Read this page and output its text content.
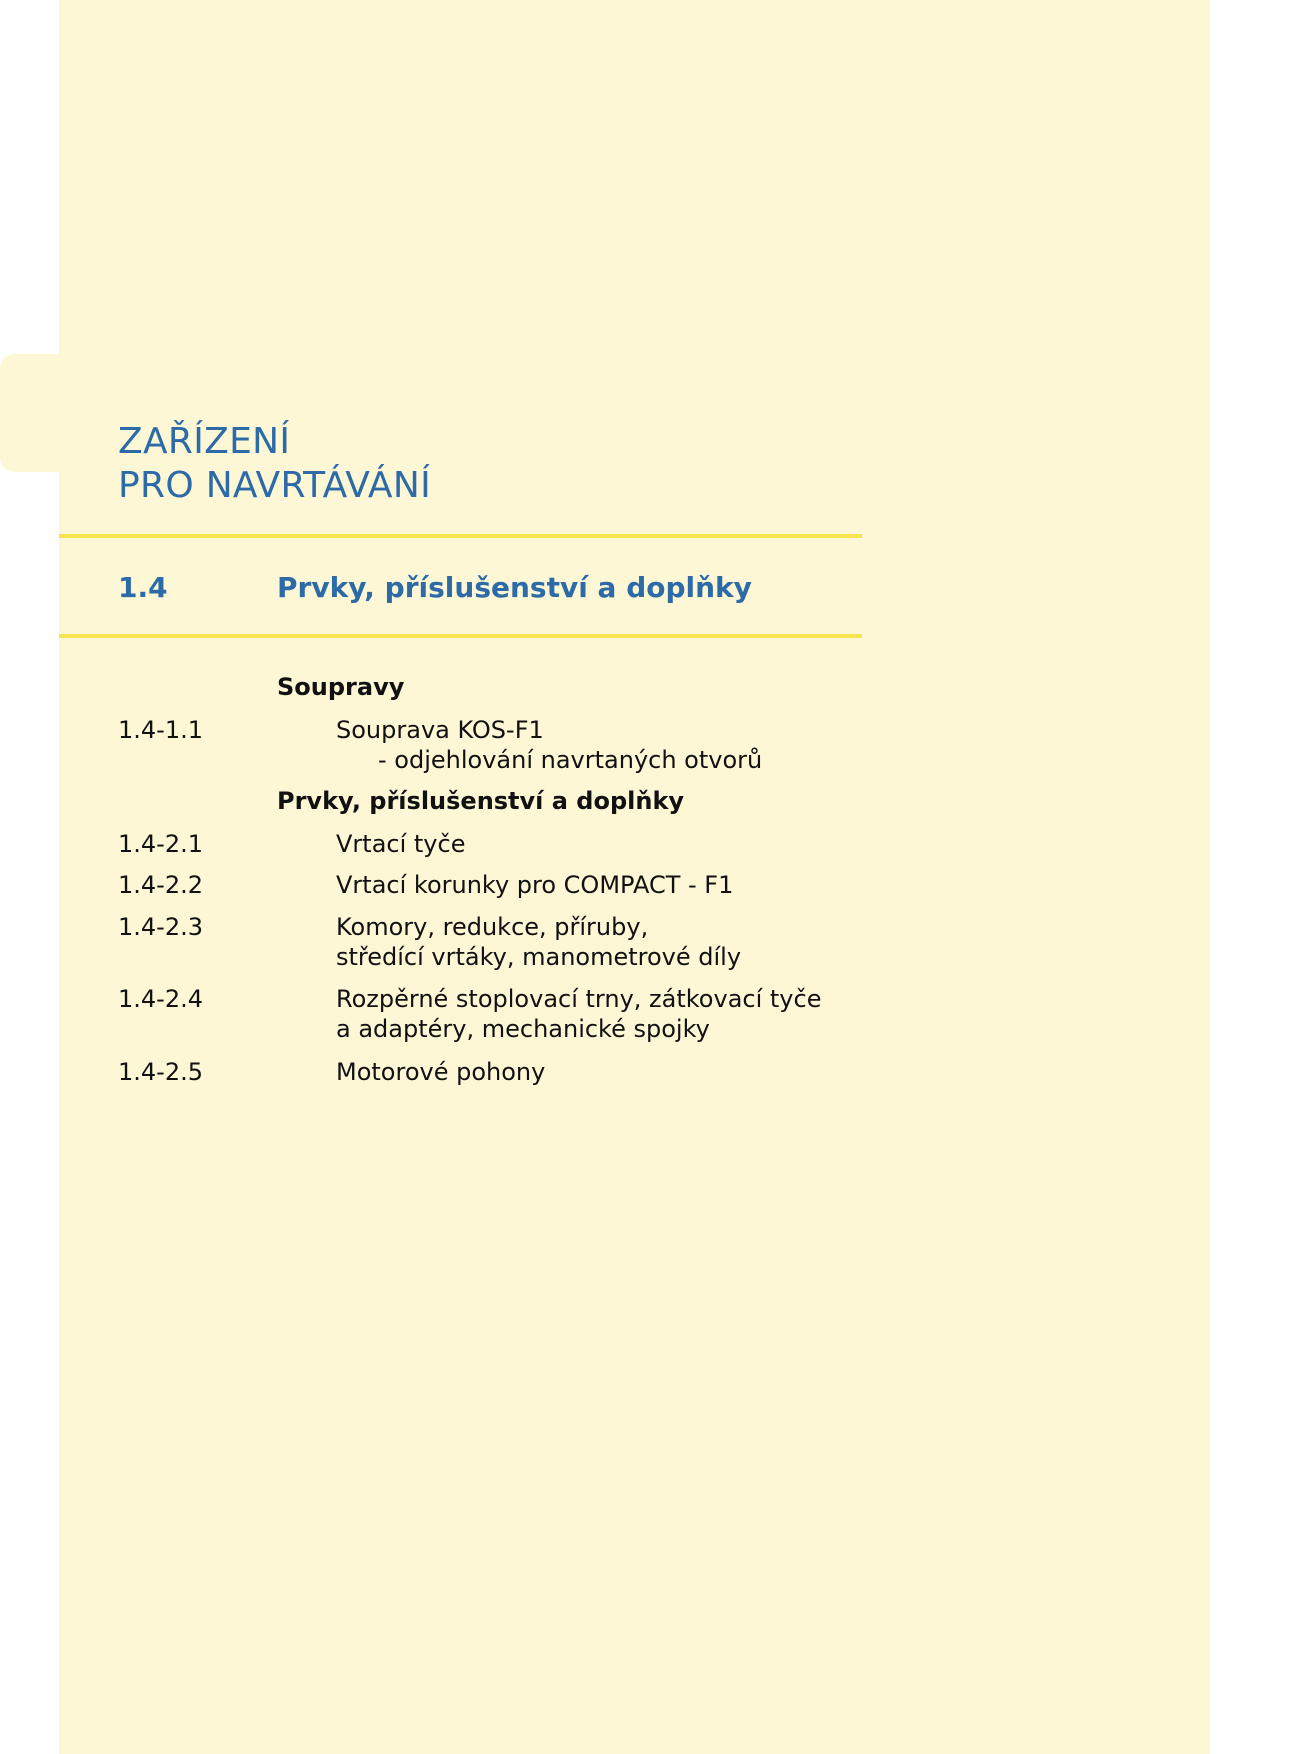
ZAŘÍZENÍ
PRO NAVRTÁVÁNÍ
1.4	Prvky, příslušenství a doplňky
Soupravy
1.4-1.1	Souprava KOS-F1
- odjehlování navrtaných otvorů
Prvky, příslušenství a doplňky
1.4-2.1	Vrtací tyče
1.4-2.2	Vrtací korunky pro COMPACT - F1
1.4-2.3	Komory, redukce, příruby,
středící vrtáky, manometrové díly
1.4-2.4	Rozpěrné stoplovací trny, zátkovací tyče
a adaptéry, mechanické spojky
1.4-2.5	Motorové pohony
